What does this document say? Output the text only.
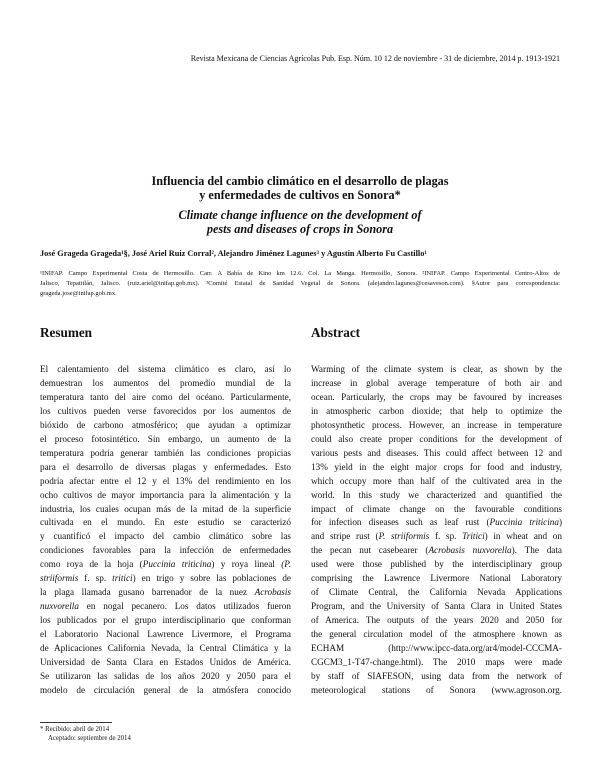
Revista Mexicana de Ciencias Agrícolas Pub. Esp. Núm. 10 12 de noviembre - 31 de diciembre, 2014 p. 1913-1921
Influencia del cambio climático en el desarrollo de plagas
y enfermedades de cultivos en Sonora*
Climate change influence on the development of
pests and diseases of crops in Sonora
José Grageda Grageda¹§, José Ariel Ruiz Corral², Alejandro Jiménez Lagunes³ y Agustín Alberto Fu Castillo¹
¹INIFAP. Campo Experimental Costa de Hermosillo. Carr. A Bahía de Kino km 12.6. Col. La Manga. Hermosillo, Sonora. ²INIFAP. Campo Experimental Centro-Altos de
Jalisco, Tepatitlán, Jalisco. (ruiz.ariel@inifap.gob.mx). ³Comité Estatal de Sanidad Vegetal de Sonora. (alejandro.lagunes@cesaveson.com). §Autor para correspondencia:
grageda.jose@inifap.gob.mx.
Resumen	Abstract
El calentamiento del sistema climático es claro, así lo
demuestran los aumentos del promedio mundial de la
temperatura tanto del aire como del océano. Particularmente,
los cultivos pueden verse favorecidos por los aumentos de
bióxido de carbono atmosférico; que ayudan a optimizar
el proceso fotosintético. Sin embargo, un aumento de la
temperatura podría generar también las condiciones propicias
para el desarrollo de diversas plagas y enfermedades. Esto
podría afectar entre el 12 y el 13% del rendimiento en los
ocho cultivos de mayor importancia para la alimentación y la
industria, los cuales ocupan más de la mitad de la superficie
cultivada en el mundo. En este estudio se caracterizó
y cuantificó el impacto del cambio climático sobre las
condiciones favorables para la infección de enfermedades
como roya de la hoja (Puccinia triticina) y roya lineal (P.
striiformis f. sp. tritici) en trigo y sobre las poblaciones de
la plaga llamada gusano barrenador de la nuez Acrobasis
nuxvorella en nogal pecanero. Los datos utilizados fueron
los publicados por el grupo interdisciplinario que conforman
el Laboratorio Nacional Lawrence Livermore, el Programa
de Aplicaciones California Nevada, la Central Climática y la
Universidad de Santa Clara en Estados Unidos de América.
Se utilizaron las salidas de los años 2020 y 2050 para el
modelo de circulación general de la atmósfera conocido
Warming of the climate system is clear, as shown by the
increase in global average temperature of both air and
ocean. Particularly, the crops may be favoured by increases
in atmospheric carbon dioxide; that help to optimize the
photosynthetic process. However, an increase in temperature
could also create proper conditions for the development of
various pests and diseases. This could affect between 12 and
13% yield in the eight major crops for food and industry,
which occupy more than half of the cultivated area in the
world. In this study we characterized and quantified the
impact of climate change on the favourable conditions
for infection diseases such as leaf rust (Puccinia triticina)
and stripe rust (P. striiformis f. sp. Tritici) in wheat and on
the pecan nut casebearer (Acrobasis nuxvorella). The data
used were those published by the interdisciplinary group
comprising the Lawrence Livermore National Laboratory
of Climate Central, the California Nevada Applications
Program, and the University of Santa Clara in United States
of America. The outputs of the years 2020 and 2050 for
the general circulation model of the atmosphere known as
ECHAM (http://www.ipcc-data.org/ar4/model-CCCMA-
CGCM3_1-T47-change.html). The 2010 maps were made
by staff of SIAFESON, using data from the network of
meteorological stations of Sonora (www.agroson.org.
* Recibido: abril de 2014
Aceptado: septiembre de 2014
